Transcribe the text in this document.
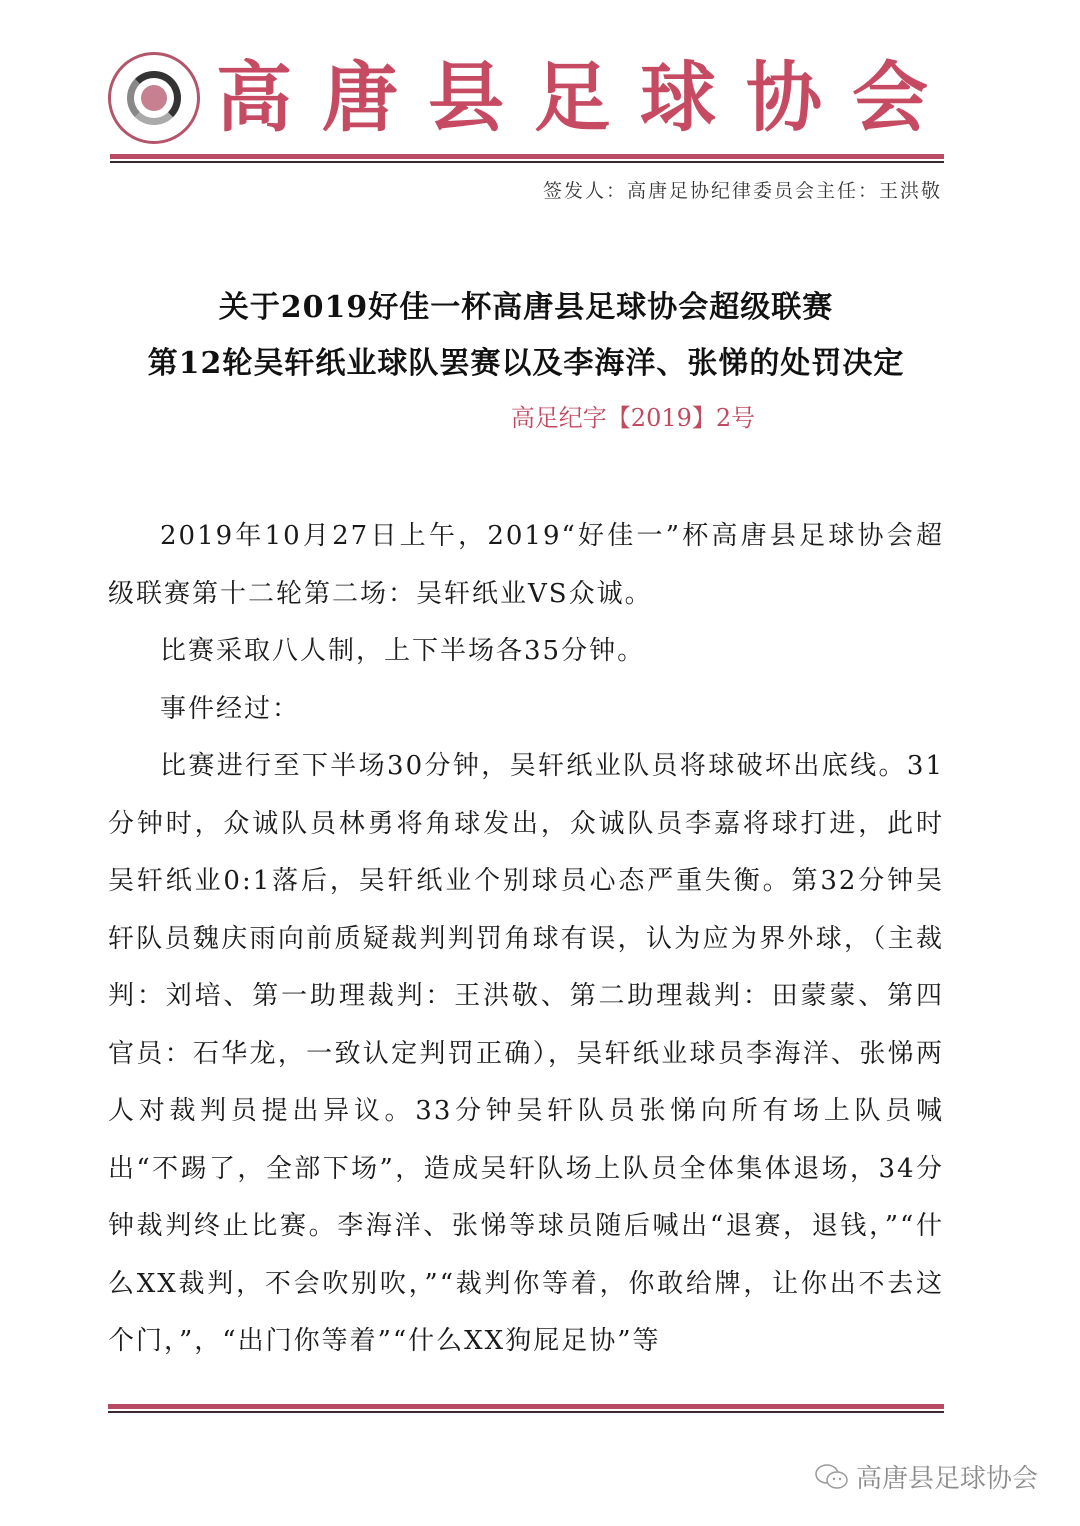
高唐县足球协会
签发人：高唐足协纪律委员会主任：王洪敬
关于2019好佳一杯高唐县足球协会超级联赛
第12轮吴轩纸业球队罢赛以及李海洋、张悌的处罚决定
高足纪字【2019】2号

2019年10月27日上午，2019“好佳一”杯高唐县足球协会超级联赛第十二轮第二场：吴轩纸业VS众诚。

比赛采取八人制，上下半场各35分钟。

事件经过：

比赛进行至下半场30分钟，吴轩纸业队员将球破坏出底线。31分钟时，众诚队员林勇将角球发出，众诚队员李嘉将球打进，此时吴轩纸业0:1落后，吴轩纸业个别球员心态严重失衡。第32分钟吴轩队员魏庆雨向前质疑裁判判罚角球有误，认为应为界外球，（主裁判：刘培、第一助理裁判：王洪敬、第二助理裁判：田蒙蒙、第四官员：石华龙，一致认定判罚正确），吴轩纸业球员李海洋、张悌两人对裁判员提出异议。33分钟吴轩队员张悌向所有场上队员喊出“不踢了，全部下场”，造成吴轩队场上队员全体集体退场，34分钟裁判终止比赛。李海洋、张悌等球员随后喊出“退赛，退钱，”“什么XX裁判，不会吹别吹，”“裁判你等着，你敢给牌，让你出不去这个门，”，“出门你等着”“什么XX狗屁足协”等

高唐县足球协会
